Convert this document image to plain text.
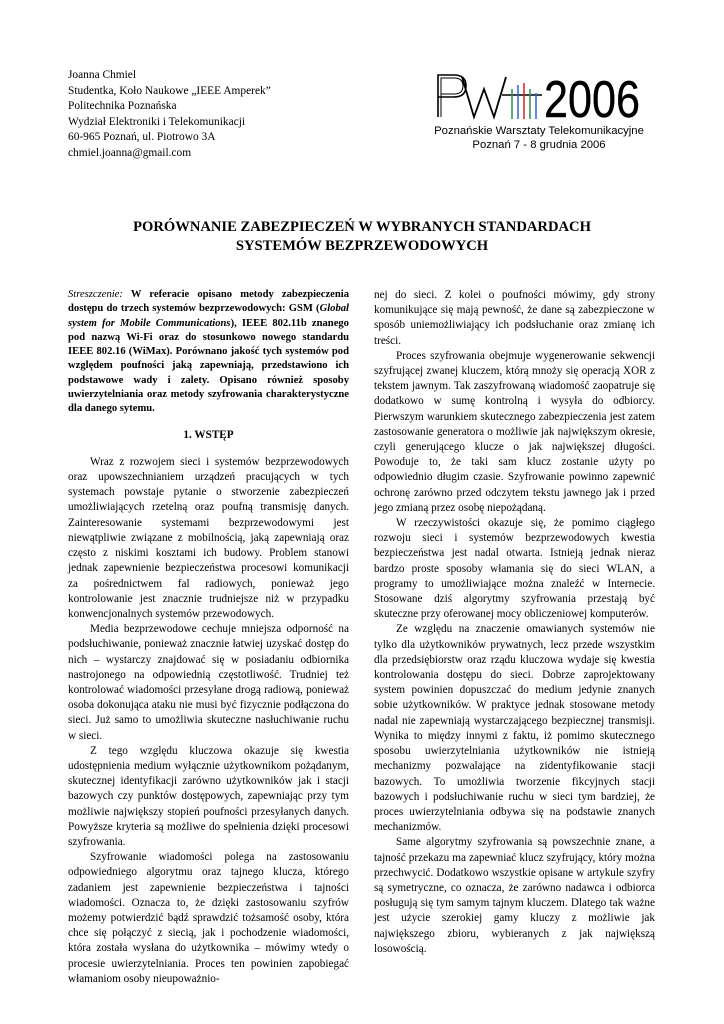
Joanna Chmiel
Studentka, Koło Naukowe „IEEE Amperek”
Politechnika Poznańska
Wydział Elektroniki i Telekomunikacji
60-965 Poznań, ul. Piotrowo 3A
chmiel.joanna@gmail.com
2006
Poznańskie Warsztaty Telekomunikacyjne
Poznań 7 - 8 grudnia 2006
PORÓWNANIE ZABEZPIECZEŃ W WYBRANYCH STANDARDACH
SYSTEMÓW BEZPRZEWODOWYCH

Streszczenie: W referacie opisano metody zabezpieczenia dostępu do trzech systemów bezprzewodowych: GSM (Global system for Mobile Communications), IEEE 802.11b znanego pod nazwą Wi-Fi oraz do stosunkowo nowego standardu IEEE 802.16 (WiMax). Porównano jakość tych systemów pod względem poufności jaką zapewniają, przedstawiono ich podstawowe wady i zalety. Opisano również sposoby uwierzytelniania oraz metody szyfrowania charakterystyczne dla danego sytemu.

1. WSTĘP

Wraz z rozwojem sieci i systemów bezprzewodowych oraz upowszechnianiem urządzeń pracujących w tych systemach powstaje pytanie o stworzenie zabezpieczeń umożliwiających rzetelną oraz poufną transmisję danych. Zainteresowanie systemami bezprzewodowymi jest niewątpliwie związane z mobilnością, jaką zapewniają oraz często z niskimi kosztami ich budowy. Problem stanowi jednak zapewnienie bezpieczeństwa procesowi komunikacji za pośrednictwem fal radiowych, ponieważ jego kontrolowanie jest znacznie trudniejsze niż w przypadku konwencjonalnych systemów przewodowych.

Media bezprzewodowe cechuje mniejsza odporność na podsłuchiwanie, ponieważ znacznie łatwiej uzyskać dostęp do nich – wystarczy znajdować się w posiadaniu odbiornika nastrojonego na odpowiednią częstotliwość. Trudniej też kontrolować wiadomości przesyłane drogą radiową, ponieważ osoba dokonująca ataku nie musi być fizycznie podłączona do sieci. Już samo to umożliwia skuteczne nasłuchiwanie ruchu w sieci.

Z tego względu kluczowa okazuje się kwestia udostępnienia medium wyłącznie użytkownikom pożądanym, skutecznej identyfikacji zarówno użytkowników jak i stacji bazowych czy punktów dostępowych, zapewniając przy tym możliwie największy stopień poufności przesyłanych danych. Powyższe kryteria są możliwe do spełnienia dzięki procesowi szyfrowania.

Szyfrowanie wiadomości polega na zastosowaniu odpowiedniego algorytmu oraz tajnego klucza, którego zadaniem jest zapewnienie bezpieczeństwa i tajności wiadomości. Oznacza to, że dzięki zastosowaniu szyfrów możemy potwierdzić bądź sprawdzić tożsamość osoby, która chce się połączyć z siecią, jak i pochodzenie wiadomości, która została wysłana do użytkownika – mówimy wtedy o procesie uwierzytelniania. Proces ten powinien zapobiegać włamaniom osoby nieupoważnio-

nej do sieci. Z kolei o poufności mówimy, gdy strony komunikujące się mają pewność, że dane są zabezpieczone w sposób uniemożliwiający ich podsłuchanie oraz zmianę ich treści.

Proces szyfrowania obejmuje wygenerowanie sekwencji szyfrującej zwanej kluczem, którą mnoży się operacją XOR z tekstem jawnym. Tak zaszyfrowaną wiadomość zaopatruje się dodatkowo w sumę kontrolną i wysyła do odbiorcy. Pierwszym warunkiem skutecznego zabezpieczenia jest zatem zastosowanie generatora o możliwie jak największym okresie, czyli generującego klucze o jak największej długości. Powoduje to, że taki sam klucz zostanie użyty po odpowiednio długim czasie. Szyfrowanie powinno zapewnić ochronę zarówno przed odczytem tekstu jawnego jak i przed jego zmianą przez osobę niepożądaną.

W rzeczywistości okazuje się, że pomimo ciągłego rozwoju sieci i systemów bezprzewodowych kwestia bezpieczeństwa jest nadal otwarta. Istnieją jednak nieraz bardzo proste sposoby włamania się do sieci WLAN, a programy to umożliwiające można znaleźć w Internecie. Stosowane dziś algorytmy szyfrowania przestają być skuteczne przy oferowanej mocy obliczeniowej komputerów.

Ze względu na znaczenie omawianych systemów nie tylko dla użytkowników prywatnych, lecz przede wszystkim dla przedsiębiorstw oraz rządu kluczowa wydaje się kwestia kontrolowania dostępu do sieci. Dobrze zaprojektowany system powinien dopuszczać do medium jedynie znanych sobie użytkowników. W praktyce jednak stosowane metody nadal nie zapewniają wystarczającego bezpiecznej transmisji. Wynika to między innymi z faktu, iż pomimo skutecznego sposobu uwierzytelniania użytkowników nie istnieją mechanizmy pozwalające na zidentyfikowanie stacji bazowych. To umożliwia tworzenie fikcyjnych stacji bazowych i podsłuchiwanie ruchu w sieci tym bardziej, że proces uwierzytelniania odbywa się na podstawie znanych mechanizmów.

Same algorytmy szyfrowania są powszechnie znane, a tajność przekazu ma zapewniać klucz szyfrujący, który można przechwycić. Dodatkowo wszystkie opisane w artykule szyfry są symetryczne, co oznacza, że zarówno nadawca i odbiorca posługują się tym samym tajnym kluczem. Dlatego tak ważne jest użycie szerokiej gamy kluczy z możliwie jak największego zbioru, wybieranych z jak największą losowością.
